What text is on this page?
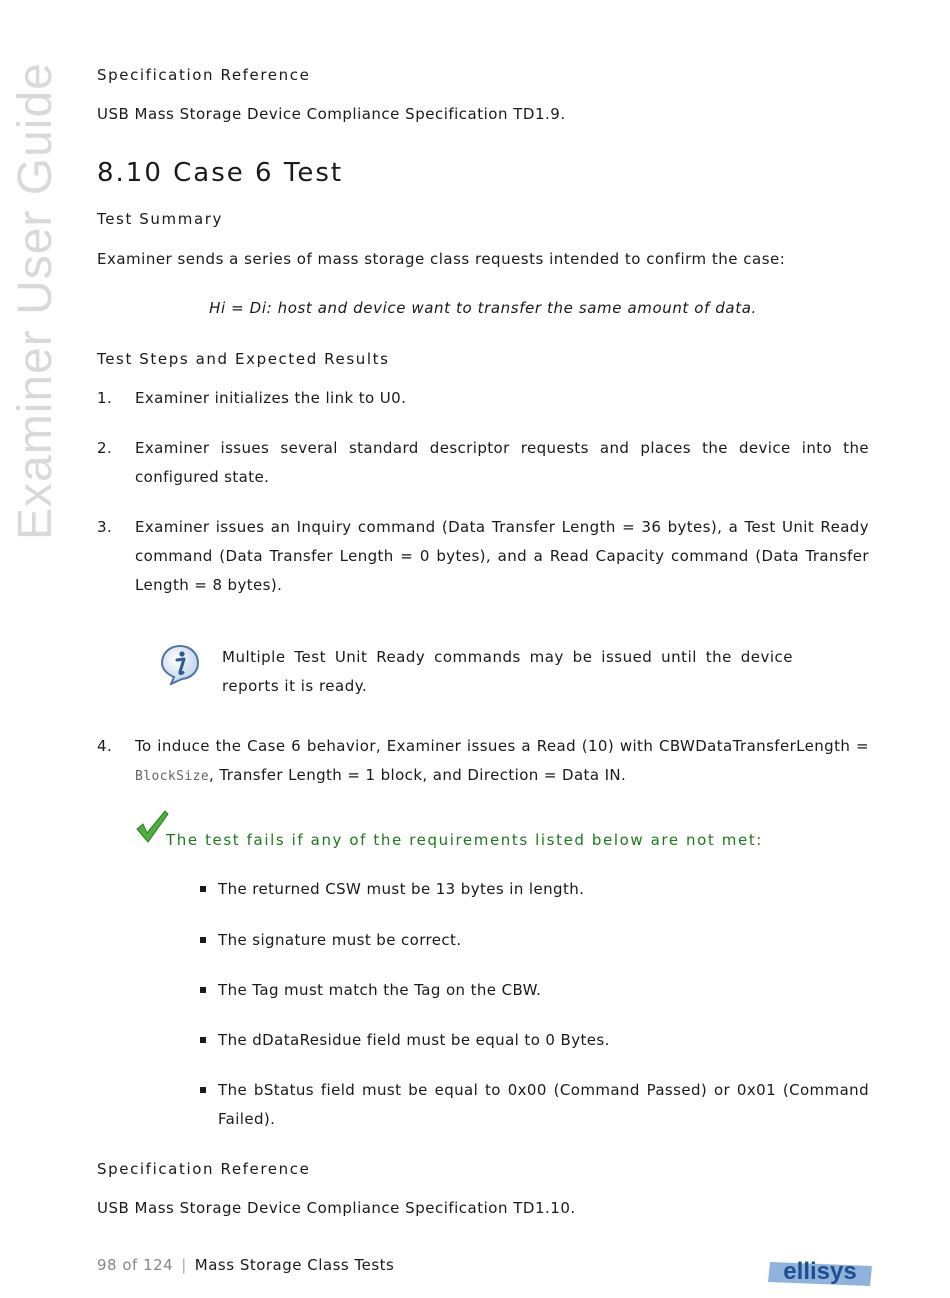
Examiner User Guide Specification Reference
USB Mass Storage Device Compliance Specification TD1.9.
8.10 Case 6 Test
Test Summary
Examiner sends a series of mass storage class requests intended to confirm the case:
Hi = Di: host and device want to transfer the same amount of data.
Test Steps and Expected Results
1. Examiner initializes the link to U0.
2. Examiner issues several standard descriptor requests and places the device into the configured state.
3. Examiner issues an Inquiry command (Data Transfer Length = 36 bytes), a Test Unit Ready command (Data Transfer Length = 0 bytes), and a Read Capacity command (Data Transfer Length = 8 bytes).
Multiple Test Unit Ready commands may be issued until the device reports it is ready.
4. To induce the Case 6 behavior, Examiner issues a Read (10) with CBWDataTransferLength = BlockSize, Transfer Length = 1 block, and Direction = Data IN.
The test fails if any of the requirements listed below are not met:
The returned CSW must be 13 bytes in length.
The signature must be correct.
The Tag must match the Tag on the CBW.
The dDataResidue field must be equal to 0 Bytes.
The bStatus field must be equal to 0x00 (Command Passed) or 0x01 (Command Failed).
Specification Reference
USB Mass Storage Device Compliance Specification TD1.10.
98 of 124 | Mass Storage Class Tests	ellisys
